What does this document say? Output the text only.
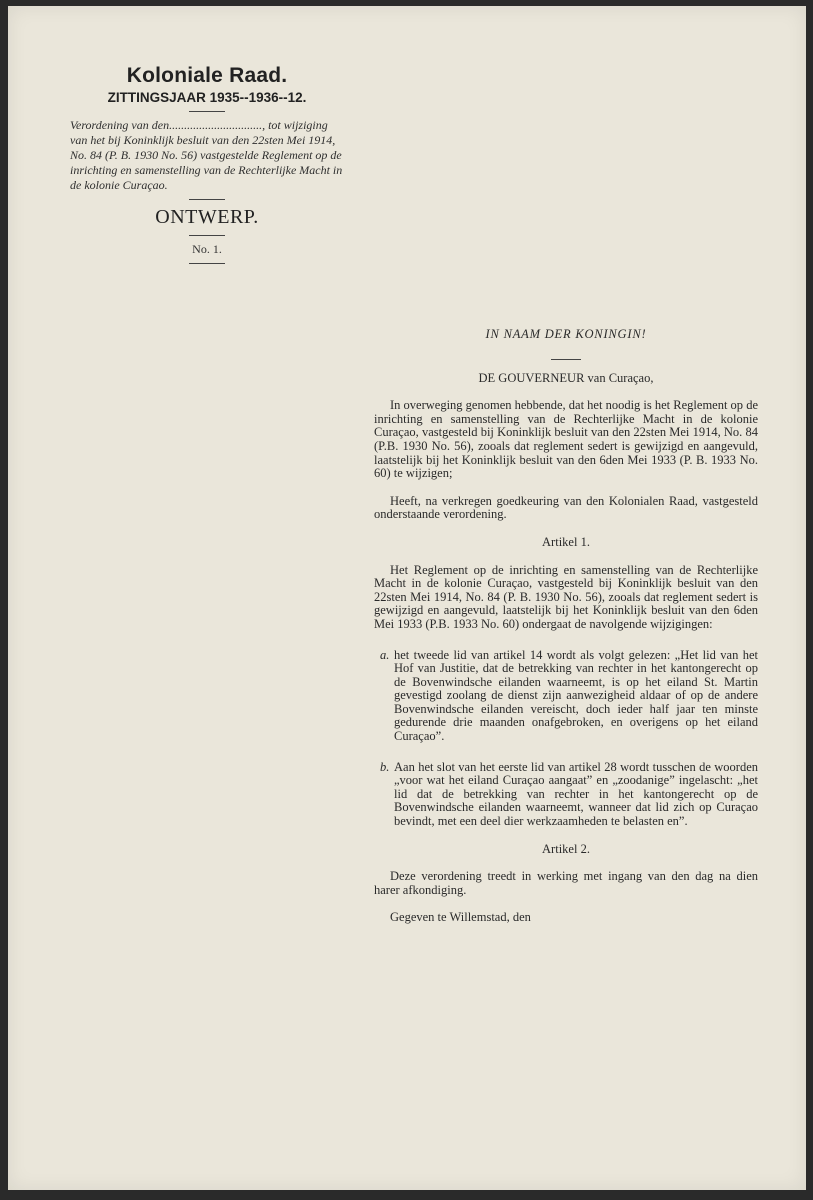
Koloniale Raad.

ZITTINGSJAAR 1935--1936--12.

Verordening van den..............................., tot wijziging van het bij Koninklijk besluit van den 22sten Mei 1914, No. 84 (P. B. 1930 No. 56) vastgestelde Reglement op de inrichting en samenstelling van de Rechterlijke Macht in de kolonie Curaçao.

ONTWERP.

No. 1.

IN NAAM DER KONINGIN!

DE GOUVERNEUR van Curaçao,

In overweging genomen hebbende, dat het noodig is het Reglement op de inrichting en samenstelling van de Rechterlijke Macht in de kolonie Curaçao, vastgesteld bij Koninklijk besluit van den 22sten Mei 1914, No. 84 (P.B. 1930 No. 56), zooals dat reglement sedert is gewijzigd en aangevuld, laatstelijk bij het Koninklijk besluit van den 6den Mei 1933 (P. B. 1933 No. 60) te wijzigen;

Heeft, na verkregen goedkeuring van den Kolonialen Raad, vastgesteld onderstaande verordening.

Artikel 1.

Het Reglement op de inrichting en samenstelling van de Rechterlijke Macht in de kolonie Curaçao, vastgesteld bij Koninklijk besluit van den 22sten Mei 1914, No. 84 (P. B. 1930 No. 56), zooals dat reglement sedert is gewijzigd en aangevuld, laatstelijk bij het Koninklijk besluit van den 6den Mei 1933 (P.B. 1933 No. 60) ondergaat de navolgende wijzigingen:

a. het tweede lid van artikel 14 wordt als volgt gelezen: „Het lid van het Hof van Justitie, dat de betrekking van rechter in het kantongerecht op de Bovenwindsche eilanden waarneemt, is op het eiland St. Martin gevestigd zoolang de dienst zijn aanwezigheid aldaar of op de andere Bovenwindsche eilanden vereischt, doch ieder half jaar ten minste gedurende drie maanden onafgebroken, en overigens op het eiland Curaçao”.
b. Aan het slot van het eerste lid van artikel 28 wordt tusschen de woorden „voor wat het eiland Curaçao aangaat” en „zoodanige” ingelascht: „het lid dat de betrekking van rechter in het kantongerecht op de Bovenwindsche eilanden waarneemt, wanneer dat lid zich op Curaçao bevindt, met een deel dier werkzaamheden te belasten en”.

Artikel 2.

Deze verordening treedt in werking met ingang van den dag na dien harer afkondiging.

Gegeven te Willemstad, den
